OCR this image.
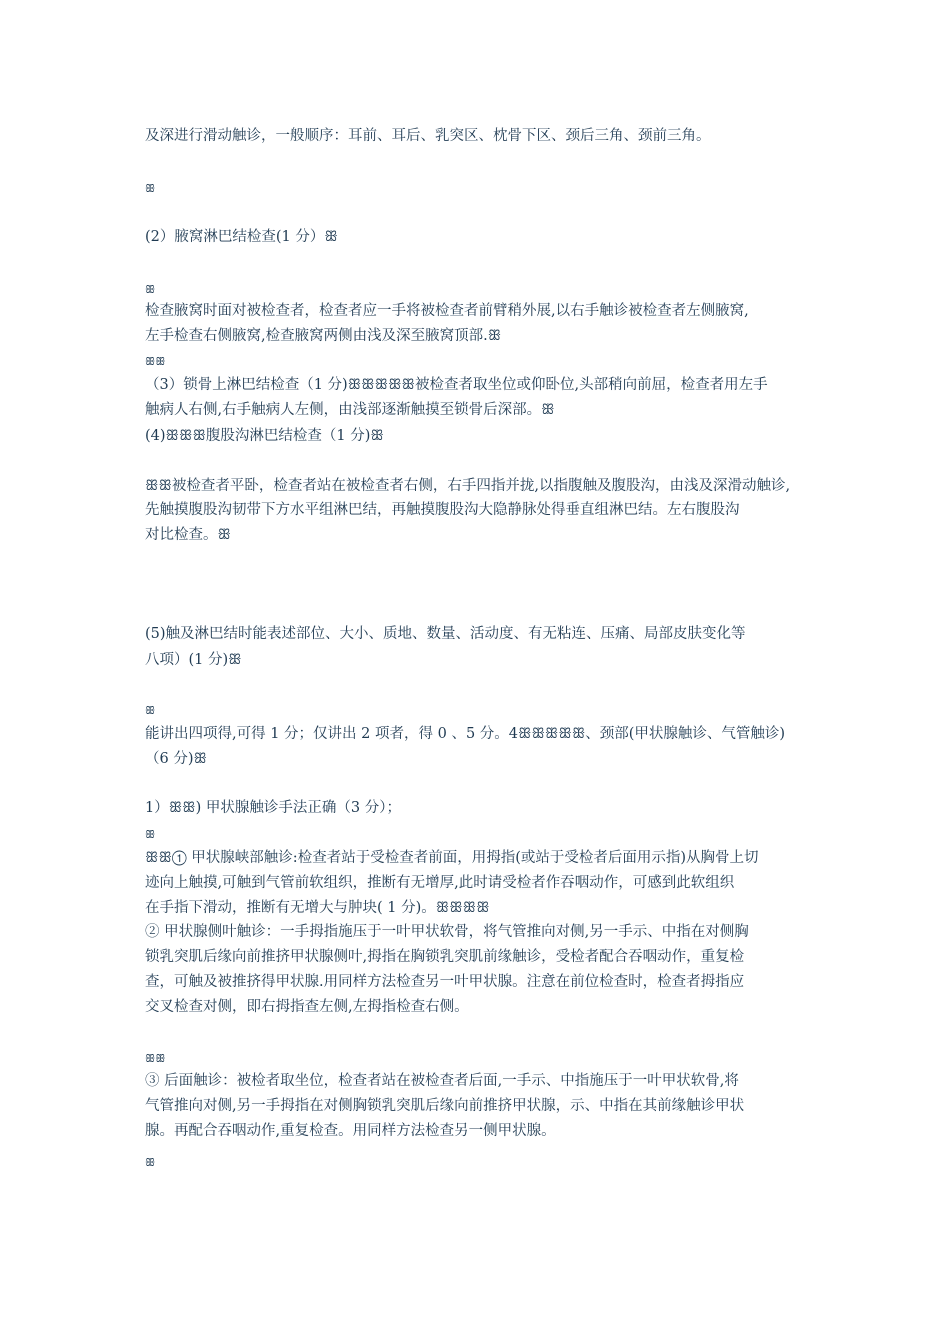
及深进行滑动触诊，一般顺序：耳前、耳后、乳突区、枕骨下区、颈后三角、颈前三角。
ꕥ
(2）腋窝淋巴结检查(1 分）ꕥ
ꕥ
检查腋窝时面对被检查者，检查者应一手将被检查者前臂稍外展,以右手触诊被检查者左侧腋窝,
左手检查右侧腋窝,检查腋窝两侧由浅及深至腋窝顶部.ꕥ
ꕥꕥ
（3）锁骨上淋巴结检查（1 分)ꕥꕥꕥꕥꕥ被检查者取坐位或仰卧位,头部稍向前屈，检查者用左手
触病人右侧,右手触病人左侧，由浅部逐渐触摸至锁骨后深部。ꕥ
(4)ꕥꕥꕥ腹股沟淋巴结检查（1 分)ꕥ
ꕥꕥ被检查者平卧，检查者站在被检查者右侧，右手四指并拢,以指腹触及腹股沟，由浅及深滑动触诊,
先触摸腹股沟韧带下方水平组淋巴结，再触摸腹股沟大隐静脉处得垂直组淋巴结。左右腹股沟
对比检查。ꕥ
(5)触及淋巴结时能表述部位、大小、质地、数量、活动度、有无粘连、压痛、局部皮肤变化等
八项）(1 分)ꕥ
ꕥ
能讲出四项得,可得 1 分；仅讲出 2 项者，得 0 、5 分。4ꕥꕥꕥꕥꕥ、颈部(甲状腺触诊、气管触诊)
（6 分)ꕥ
1）ꕥꕥ) 甲状腺触诊手法正确（3 分）；
ꕥ
ꕥꕥ① 甲状腺峡部触诊:检查者站于受检查者前面，用拇指(或站于受检者后面用示指)从胸骨上切
迹向上触摸,可触到气管前软组织，推断有无增厚,此时请受检者作吞咽动作，可感到此软组织
在手指下滑动，推断有无增大与肿块( 1 分)。ꕥꕥꕥꕥ
② 甲状腺侧叶触诊：一手拇指施压于一叶甲状软骨，将气管推向对侧,另一手示、中指在对侧胸
锁乳突肌后缘向前推挤甲状腺侧叶,拇指在胸锁乳突肌前缘触诊，受检者配合吞咽动作，重复检
查，可触及被推挤得甲状腺.用同样方法检查另一叶甲状腺。注意在前位检查时，检查者拇指应
交叉检查对侧，即右拇指查左侧,左拇指检查右侧。
ꕥꕥ
③ 后面触诊：被检者取坐位，检查者站在被检查者后面,一手示、中指施压于一叶甲状软骨,将
气管推向对侧,另一手拇指在对侧胸锁乳突肌后缘向前推挤甲状腺，示、中指在其前缘触诊甲状
腺。再配合吞咽动作,重复检查。用同样方法检查另一侧甲状腺。
ꕥ
